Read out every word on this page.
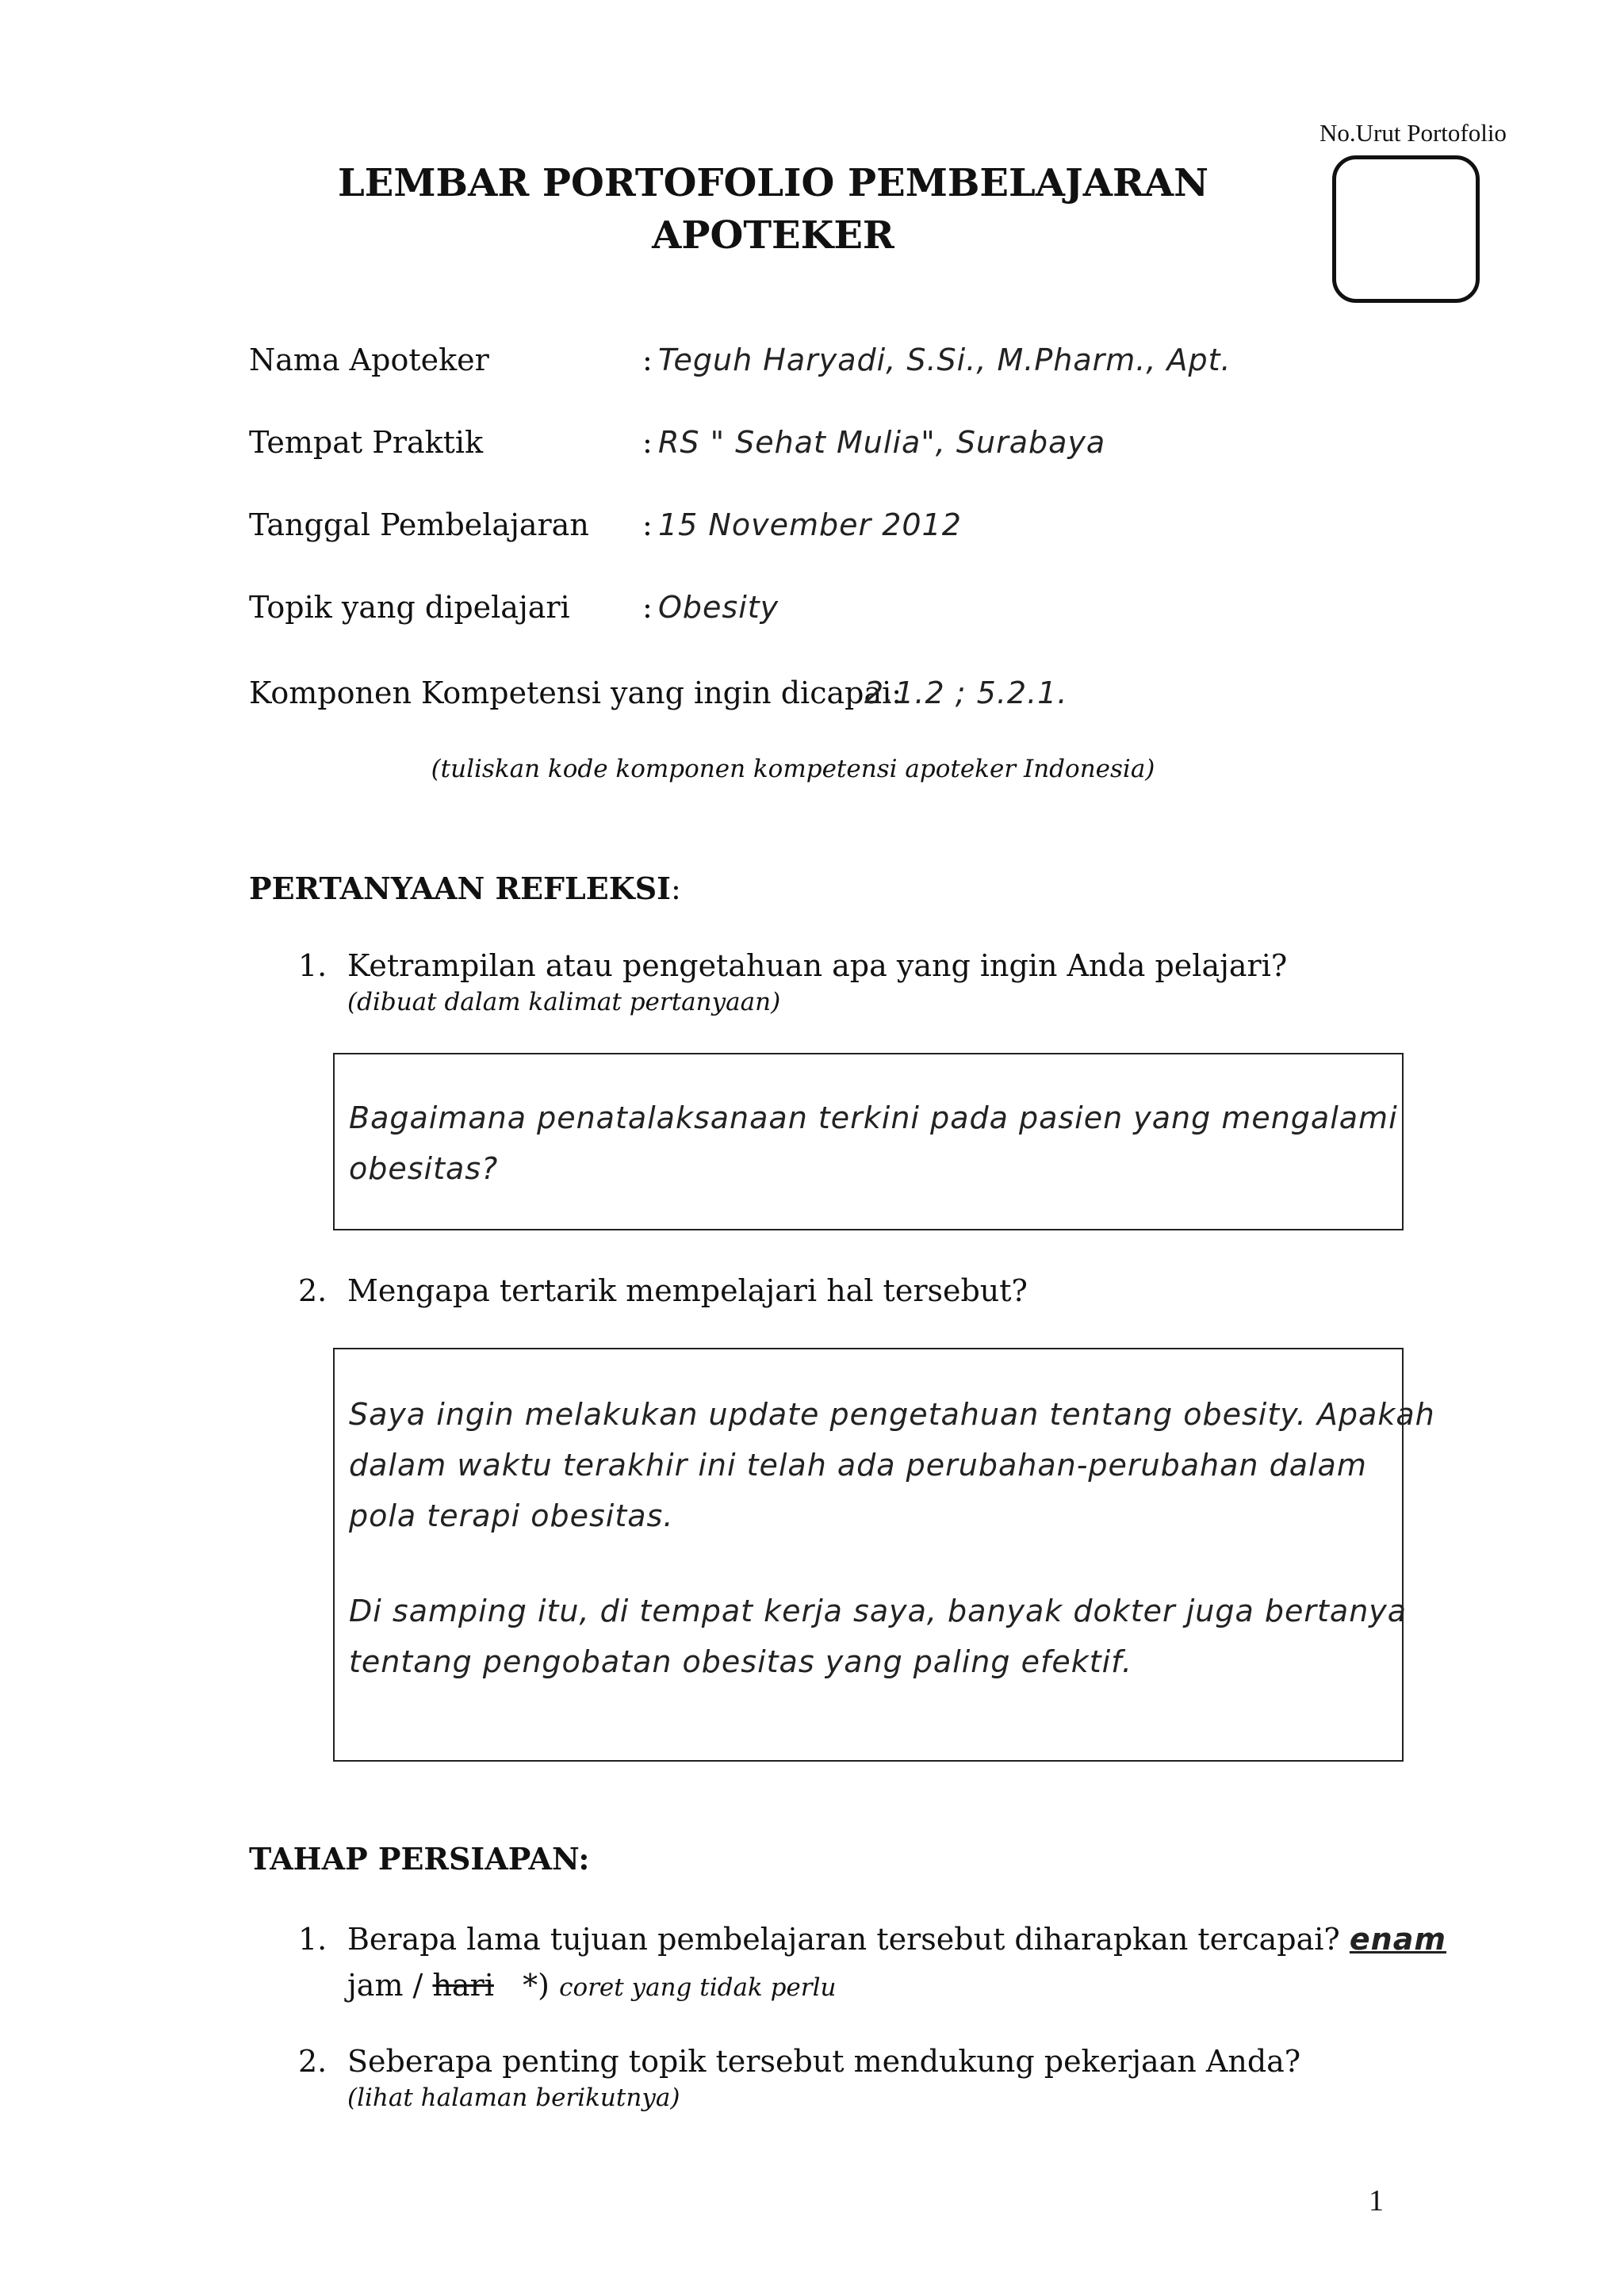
No.Urut Portofolio
LEMBAR PORTOFOLIO PEMBELAJARAN
APOTEKER
Nama Apoteker	: Teguh Haryadi, S.Si., M.Pharm., Apt.
Tempat Praktik	: RS " Sehat Mulia", Surabaya
Tanggal Pembelajaran : 15 November 2012
Topik yang dipelajari : Obesity
Komponen Kompetensi yang ingin dicapai:
2.1.2 ; 5.2.1.
(tuliskan kode komponen kompetensi apoteker Indonesia)
PERTANYAAN REFLEKSI:
1. Ketrampilan atau pengetahuan apa yang ingin Anda pelajari?
(dibuat dalam kalimat pertanyaan)
Bagaimana penatalaksanaan terkini pada pasien yang mengalami
obesitas?
2. Mengapa tertarik mempelajari hal tersebut?
Saya ingin melakukan update pengetahuan tentang obesity. Apakah
dalam waktu terakhir ini telah ada perubahan-perubahan dalam
pola terapi obesitas.
Di samping itu, di tempat kerja saya, banyak dokter juga bertanya
tentang pengobatan obesitas yang paling efektif.
TAHAP PERSIAPAN:
1. Berapa lama tujuan pembelajaran tersebut diharapkan tercapai? enam
jam / hari *) coret yang tidak perlu
2. Seberapa penting topik tersebut mendukung pekerjaan Anda?
(lihat halaman berikutnya)
1
